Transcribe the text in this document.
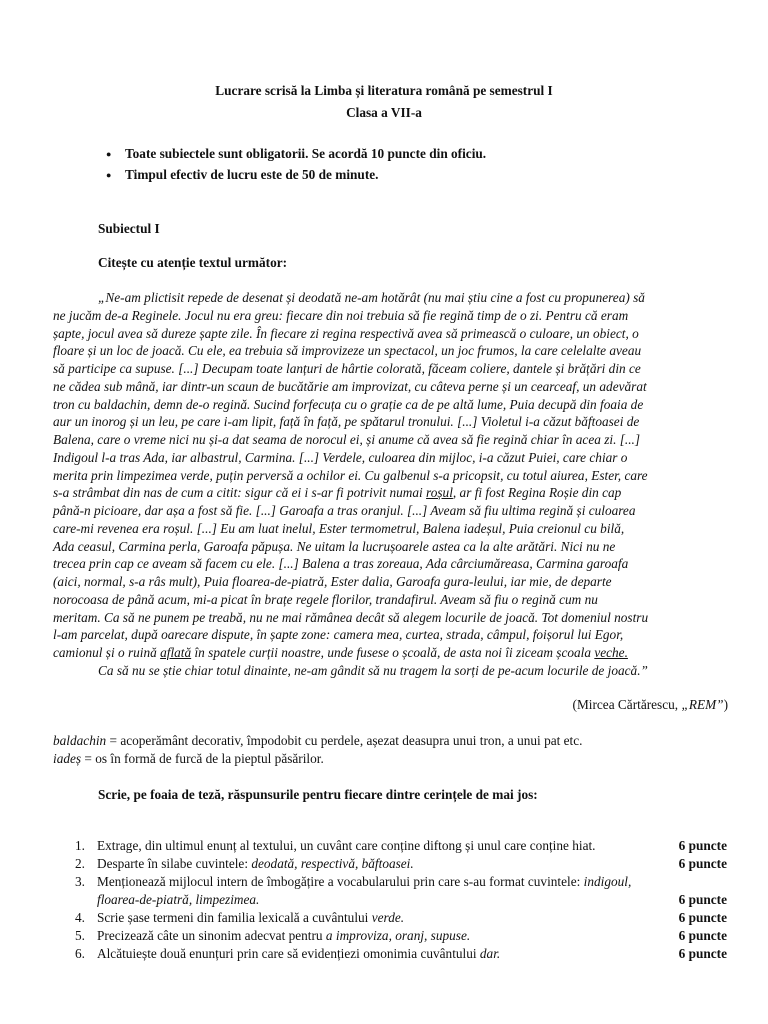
Lucrare scrisă la Limba și literatura română pe semestrul I
Clasa a VII-a
● Toate subiectele sunt obligatorii. Se acordă 10 puncte din oficiu.
● Timpul efectiv de lucru este de 50 de minute.
Subiectul I
Citește cu atenție textul următor:
„Ne-am plictisit repede de desenat și deodată ne-am hotărât (nu mai știu cine a fost cu propunerea) să
ne jucăm de-a Reginele. Jocul nu era greu: fiecare din noi trebuia să fie regină timp de o zi. Pentru că eram
șapte, jocul avea să dureze șapte zile. În fiecare zi regina respectivă avea să primească o culoare, un obiect, o
floare și un loc de joacă. Cu ele, ea trebuia să improvizeze un spectacol, un joc frumos, la care celelalte aveau
să participe ca supuse. [...] Decupam toate lanțuri de hârtie colorată, făceam coliere, dantele și brățări din ce
ne cădea sub mână, iar dintr-un scaun de bucătărie am improvizat, cu câteva perne și un cearceaf, un adevărat
tron cu baldachin, demn de-o regină. Sucind forfecuța cu o grație ca de pe altă lume, Puia decupă din foaia de
aur un inorog și un leu, pe care i-am lipit, față în față, pe spătarul tronului. [...] Violetul i-a căzut băftoasei de
Balena, care o vreme nici nu și-a dat seama de norocul ei, și anume că avea să fie regină chiar în acea zi. [...]
Indigoul l-a tras Ada, iar albastrul, Carmina. [...] Verdele, culoarea din mijloc, i-a căzut Puiei, care chiar o
merita prin limpezimea verde, puțin perversă a ochilor ei. Cu galbenul s-a pricopsit, cu totul aiurea, Ester, care
s-a strâmbat din nas de cum a citit: sigur că ei i s-ar fi potrivit numai roșul, ar fi fost Regina Roșie din cap
până-n picioare, dar așa a fost să fie. [...] Garoafa a tras oranjul. [...] Aveam să fiu ultima regină și culoarea
care-mi revenea era roșul. [...] Eu am luat inelul, Ester termometrul, Balena iadeșul, Puia creionul cu bilă,
Ada ceasul, Carmina perla, Garoafa păpușa. Ne uitam la lucrușoarele astea ca la alte arătări. Nici nu ne
trecea prin cap ce aveam să facem cu ele. [...] Balena a tras zoreaua, Ada cârciumăreasa, Carmina garoafa
(aici, normal, s-a râs mult), Puia floarea-de-piatră, Ester dalia, Garoafa gura-leului, iar mie, de departe
norocoasa de până acum, mi-a picat în brațe regele florilor, trandafirul. Aveam să fiu o regină cum nu
meritam. Ca să ne punem pe treabă, nu ne mai rămânea decât să alegem locurile de joacă. Tot domeniul nostru
l-am parcelat, după oarecare dispute, în șapte zone: camera mea, curtea, strada, câmpul, foișorul lui Egor,
camionul și o ruină aflată în spatele curții noastre, unde fusese o școală, de asta noi îi ziceam școala veche.
Ca să nu se știe chiar totul dinainte, ne-am gândit să nu tragem la sorți de pe-acum locurile de joacă.”
(Mircea Cărtărescu, „REM”)
baldachin = acoperământ decorativ, împodobit cu perdele, așezat deasupra unui tron, a unui pat etc.
iadeș = os în formă de furcă de la pieptul păsărilor.
Scrie, pe foaia de teză, răspunsurile pentru fiecare dintre cerințele de mai jos:
1. Extrage, din ultimul enunț al textului, un cuvânt care conține diftong și unul care conține hiat.	6 puncte
2. Desparte în silabe cuvintele: deodată, respectivă, băftoasei.	6 puncte
3. Menționează mijlocul intern de îmbogățire a vocabularului prin care s-au format cuvintele: indigoul,
floarea-de-piatră, limpezimea.	6 puncte
4. Scrie șase termeni din familia lexicală a cuvântului verde.	6 puncte
5. Precizează câte un sinonim adecvat pentru a improviza, oranj, supuse.	6 puncte
6. Alcătuiește două enunțuri prin care să evidențiezi omonimia cuvântului dar.	6 puncte
